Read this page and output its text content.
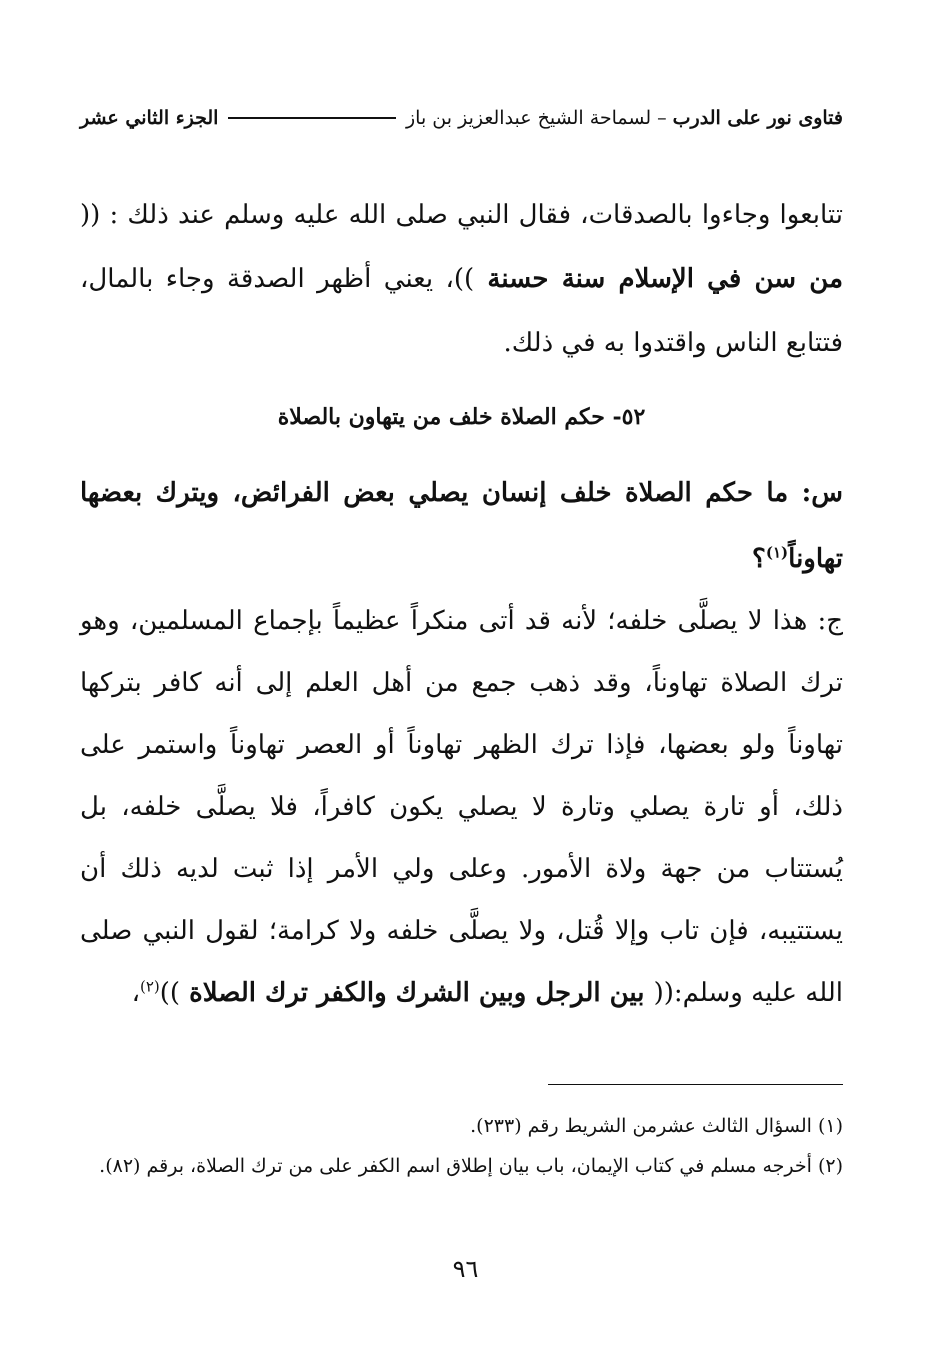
فتاوى نور على الدرب
–
لسماحة الشيخ عبدالعزيز بن باز
الجزء الثاني عشر
تتابعوا وجاءوا بالصدقات، فقال النبي صلى الله عليه وسلم عند ذلك : (( من سن في الإسلام سنة حسنة ))، يعني أظهر الصدقة وجاء بالمال، فتتابع الناس واقتدوا به في ذلك.
٥٢- حكم الصلاة خلف من يتهاون بالصلاة
س: ما حكم الصلاة خلف إنسان يصلي بعض الفرائض، ويترك بعضها تهاوناً$^{(١)}$؟
ج: هذا لا يصلَّى خلفه؛ لأنه قد أتى منكراً عظيماً بإجماع المسلمين، وهو ترك الصلاة تهاوناً، وقد ذهب جمع من أهل العلم إلى أنه كافر بتركها تهاوناً ولو بعضها، فإذا ترك الظهر تهاوناً أو العصر تهاوناً واستمر على ذلك، أو تارة يصلي وتارة لا يصلي يكون كافراً، فلا يصلَّى خلفه، بل يُستتاب من جهة ولاة الأمور. وعلى ولي الأمر إذا ثبت لديه ذلك أن يستتيبه، فإن تاب وإلا قُتل، ولا يصلَّى خلفه ولا كرامة؛ لقول النبي صلى الله عليه وسلم:(( بين الرجل وبين الشرك والكفر ترك الصلاة ))$^{(٢)}$،

(١) السؤال الثالث عشرمن الشريط رقم (٢٣٣).

(٢) أخرجه مسلم في كتاب الإيمان، باب بيان إطلاق اسم الكفر على من ترك الصلاة، برقم (٨٢).

٩٦
